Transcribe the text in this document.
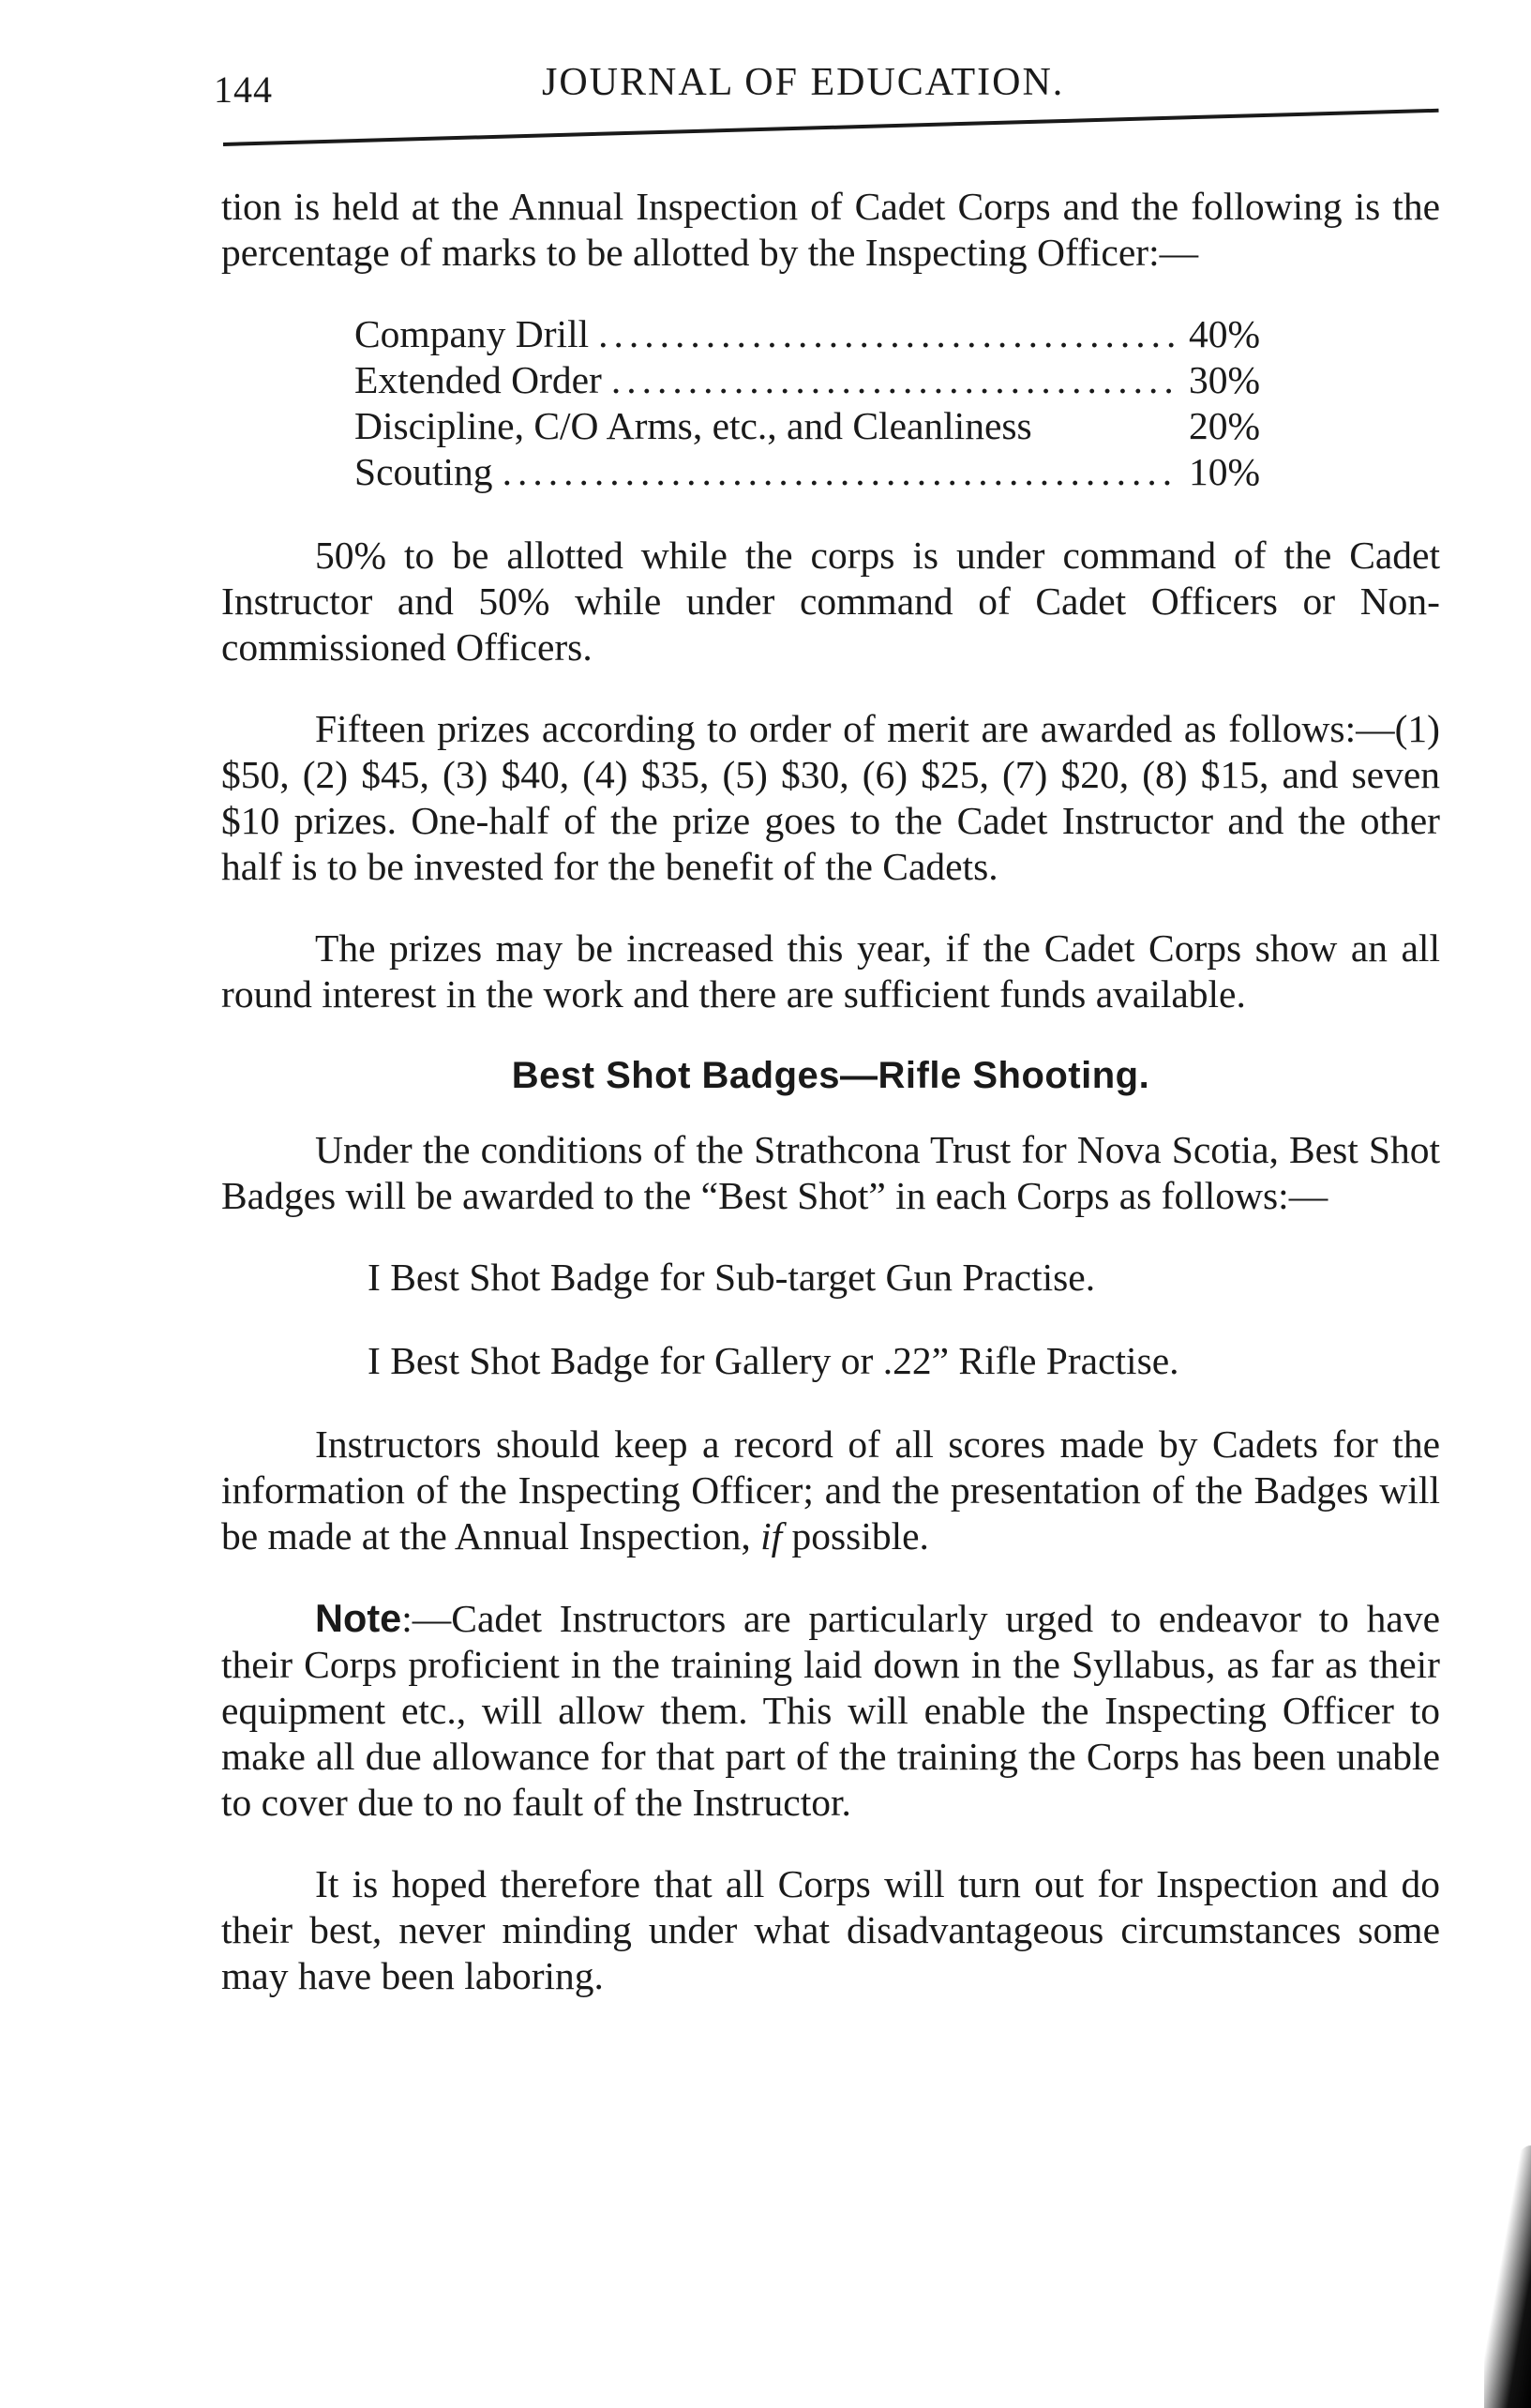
144	JOURNAL OF EDUCATION.

tion is held at the Annual Inspection of Cadet Corps and the following is the percentage of marks to be allotted by the Inspecting Officer:—

Company Drill .....	40%
Extended Order .....	30%
Discipline, C/O Arms, etc., and Cleanliness	20%
Scouting .....	10%

50% to be allotted while the corps is under command of the Cadet Instructor and 50% while under command of Cadet Officers or Non-commissioned Officers.

Fifteen prizes according to order of merit are awarded as follows:—(1) $50, (2) $45, (3) $40, (4) $35, (5) $30, (6) $25, (7) $20, (8) $15, and seven $10 prizes. One-half of the prize goes to the Cadet Instructor and the other half is to be invested for the benefit of the Cadets.

The prizes may be increased this year, if the Cadet Corps show an all round interest in the work and there are sufficient funds available.

Best Shot Badges—Rifle Shooting.

Under the conditions of the Strathcona Trust for Nova Scotia, Best Shot Badges will be awarded to the “Best Shot” in each Corps as follows:—

I Best Shot Badge for Sub-target Gun Practise.

I Best Shot Badge for Gallery or .22” Rifle Practise.

Instructors should keep a record of all scores made by Cadets for the information of the Inspecting Officer; and the presentation of the Badges will be made at the Annual Inspection, if possible.

Note:—Cadet Instructors are particularly urged to endeavor to have their Corps proficient in the training laid down in the Syllabus, as far as their equipment etc., will allow them. This will enable the Inspecting Officer to make all due allowance for that part of the training the Corps has been unable to cover due to no fault of the Instructor.

It is hoped therefore that all Corps will turn out for Inspection and do their best, never minding under what disadvantageous circumstances some may have been laboring.
